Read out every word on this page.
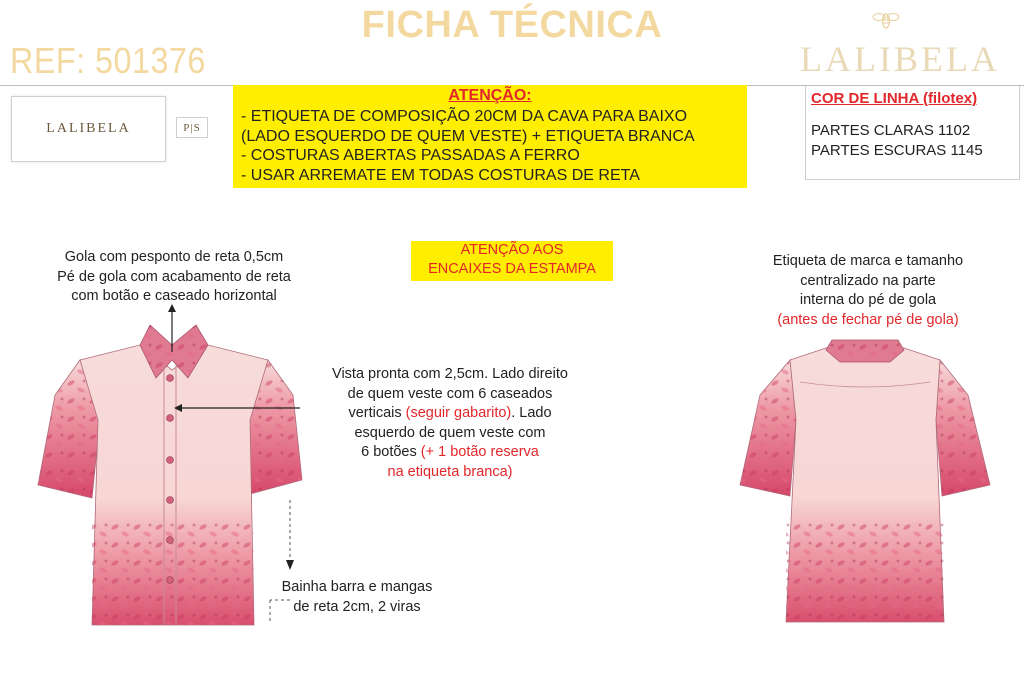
FICHA TÉCNICA
REF: 501376	LALIBELA
LALIBELA	P|S
ATENÇÃO:
- ETIQUETA DE COMPOSIÇÃO 20CM DA CAVA PARA BAIXO
(LADO ESQUERDO DE QUEM VESTE) + ETIQUETA BRANCA
- COSTURAS ABERTAS PASSADAS A FERRO
- USAR ARREMATE EM TODAS COSTURAS DE RETA
COR DE LINHA (filotex)
PARTES CLARAS 1102
PARTES ESCURAS 1145
ATENÇÃO AOS
ENCAIXES DA ESTAMPA
Gola com pesponto de reta 0,5cm
Pé de gola com acabamento de reta
com botão e caseado horizontal
Vista pronta com 2,5cm. Lado direito
de quem veste com 6 caseados
verticais (seguir gabarito). Lado
esquerdo de quem veste com
6 botões (+ 1 botão reserva
na etiqueta branca)
Bainha barra e mangas
de reta 2cm, 2 viras
Etiqueta de marca e tamanho
centralizado na parte
interna do pé de gola
(antes de fechar pé de gola)
